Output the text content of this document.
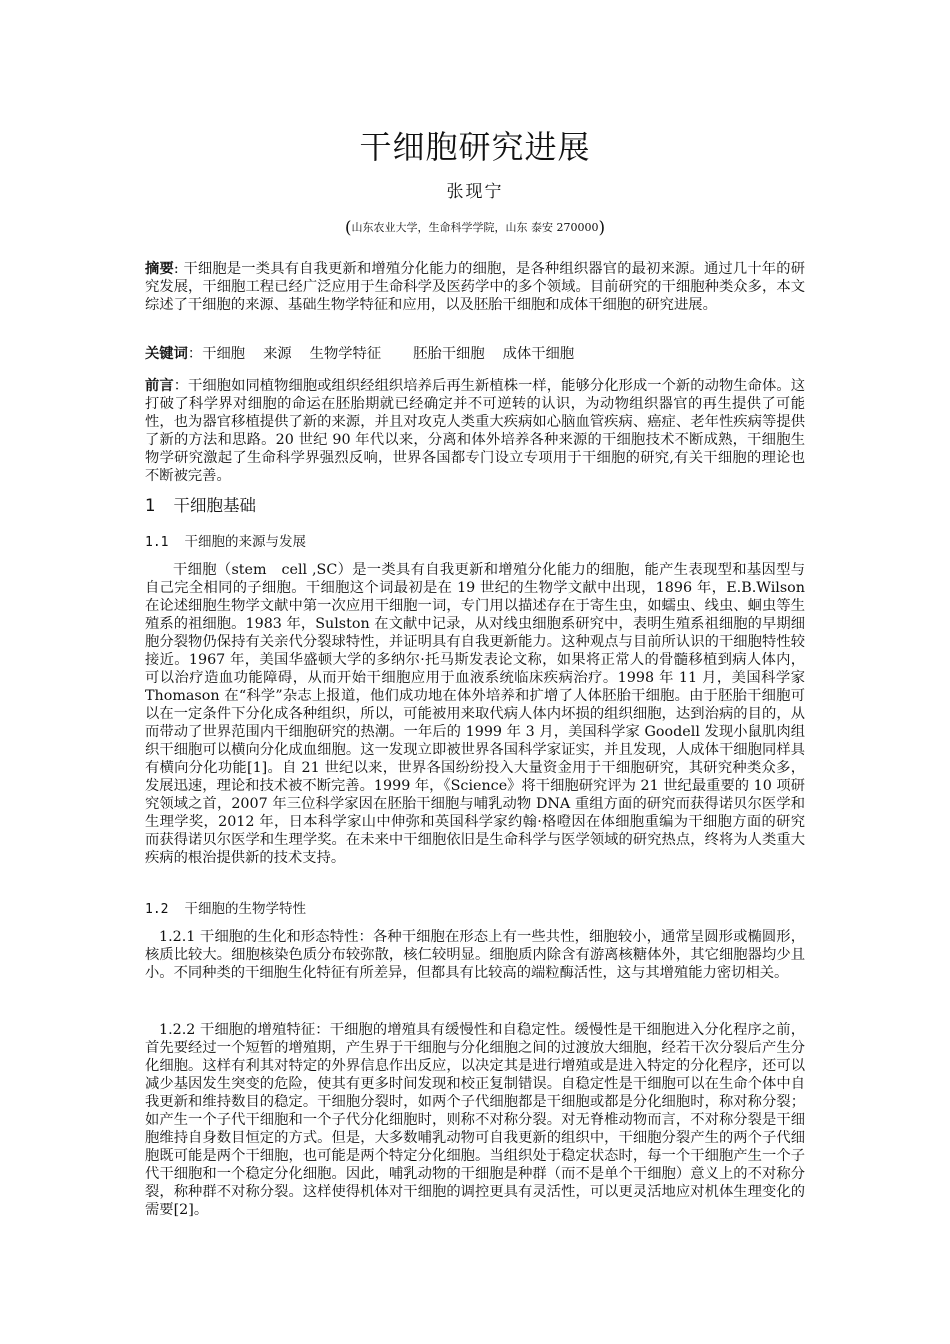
干细胞研究进展
张现宁
(山东农业大学，生命科学学院，山东 泰安 270000)

摘要: 干细胞是一类具有自我更新和增殖分化能力的细胞，是各种组织器官的最初来源。通过几十年的研究发展，干细胞工程已经广泛应用于生命科学及医药学中的多个领域。目前研究的干细胞种类众多，本文综述了干细胞的来源、基础生物学特征和应用，以及胚胎干细胞和成体干细胞的研究进展。

关键词：干细胞 来源 生物学特征 胚胎干细胞 成体干细胞

前言：干细胞如同植物细胞或组织经组织培养后再生新植株一样，能够分化形成一个新的动物生命体。这打破了科学界对细胞的命运在胚胎期就已经确定并不可逆转的认识，为动物组织器官的再生提供了可能性，也为器官移植提供了新的来源，并且对攻克人类重大疾病如心脑血管疾病、癌症、老年性疾病等提供了新的方法和思路。20 世纪 90 年代以来，分离和体外培养各种来源的干细胞技术不断成熟，干细胞生物学研究激起了生命科学界强烈反响，世界各国都专门设立专项用于干细胞的研究,有关干细胞的理论也不断被完善。

1 干细胞基础
1.1 干细胞的来源与发展

干细胞（stem　cell ,SC）是一类具有自我更新和增殖分化能力的细胞，能产生表现型和基因型与自己完全相同的子细胞。干细胞这个词最初是在 19 世纪的生物学文献中出现，1896 年，E.B.Wilson 在论述细胞生物学文献中第一次应用干细胞一词，专门用以描述存在于寄生虫，如蠕虫、线虫、蛔虫等生殖系的祖细胞。1983 年，Sulston 在文献中记录，从对线虫细胞系研究中，表明生殖系祖细胞的早期细胞分裂物仍保持有关亲代分裂球特性，并证明具有自我更新能力。这种观点与目前所认识的干细胞特性较接近。1967 年，美国华盛顿大学的多纳尔·托马斯发表论文称，如果将正常人的骨髓移植到病人体内，可以治疗造血功能障碍，从而开始干细胞应用于血液系统临床疾病治疗。1998 年 11 月，美国科学家 Thomason 在“科学”杂志上报道，他们成功地在体外培养和扩增了人体胚胎干细胞。由于胚胎干细胞可以在一定条件下分化成各种组织，所以，可能被用来取代病人体内坏损的组织细胞，达到治病的目的，从而带动了世界范围内干细胞研究的热潮。一年后的 1999 年 3 月，美国科学家 Goodell 发现小鼠肌肉组织干细胞可以横向分化成血细胞。这一发现立即被世界各国科学家证实，并且发现，人成体干细胞同样具有横向分化功能[1]。自 21 世纪以来，世界各国纷纷投入大量资金用于干细胞研究，其研究种类众多，发展迅速，理论和技术被不断完善。1999 年，《Science》将干细胞研究评为 21 世纪最重要的 10 项研究领域之首，2007 年三位科学家因在胚胎干细胞与哺乳动物 DNA 重组方面的研究而获得诺贝尔医学和生理学奖，2012 年，日本科学家山中伸弥和英国科学家约翰·格噔因在体细胞重编为干细胞方面的研究而获得诺贝尔医学和生理学奖。在未来中干细胞依旧是生命科学与医学领域的研究热点，终将为人类重大疾病的根治提供新的技术支持。

1.2 干细胞的生物学特性

1.2.1 干细胞的生化和形态特性：各种干细胞在形态上有一些共性，细胞较小，通常呈圆形或椭圆形，核质比较大。细胞核染色质分布较弥散，核仁较明显。细胞质内除含有游离核糖体外，其它细胞器均少且小。不同种类的干细胞生化特征有所差异，但都具有比较高的端粒酶活性，这与其增殖能力密切相关。

1.2.2 干细胞的增殖特征：干细胞的增殖具有缓慢性和自稳定性。缓慢性是干细胞进入分化程序之前，首先要经过一个短暂的增殖期，产生界于干细胞与分化细胞之间的过渡放大细胞，经若干次分裂后产生分化细胞。这样有利其对特定的外界信息作出反应，以决定其是进行增殖或是进入特定的分化程序，还可以减少基因发生突变的危险，使其有更多时间发现和校正复制错误。自稳定性是干细胞可以在生命个体中自我更新和维持数目的稳定。干细胞分裂时，如两个子代细胞都是干细胞或都是分化细胞时，称对称分裂；如产生一个子代干细胞和一个子代分化细胞时，则称不对称分裂。对无脊椎动物而言，不对称分裂是干细胞维持自身数目恒定的方式。但是，大多数哺乳动物可自我更新的组织中，干细胞分裂产生的两个子代细胞既可能是两个干细胞，也可能是两个特定分化细胞。当组织处于稳定状态时，每一个干细胞产生一个子代干细胞和一个稳定分化细胞。因此，哺乳动物的干细胞是种群（而不是单个干细胞）意义上的不对称分裂，称种群不对称分裂。这样使得机体对干细胞的调控更具有灵活性，可以更灵活地应对机体生理变化的需要[2]。
